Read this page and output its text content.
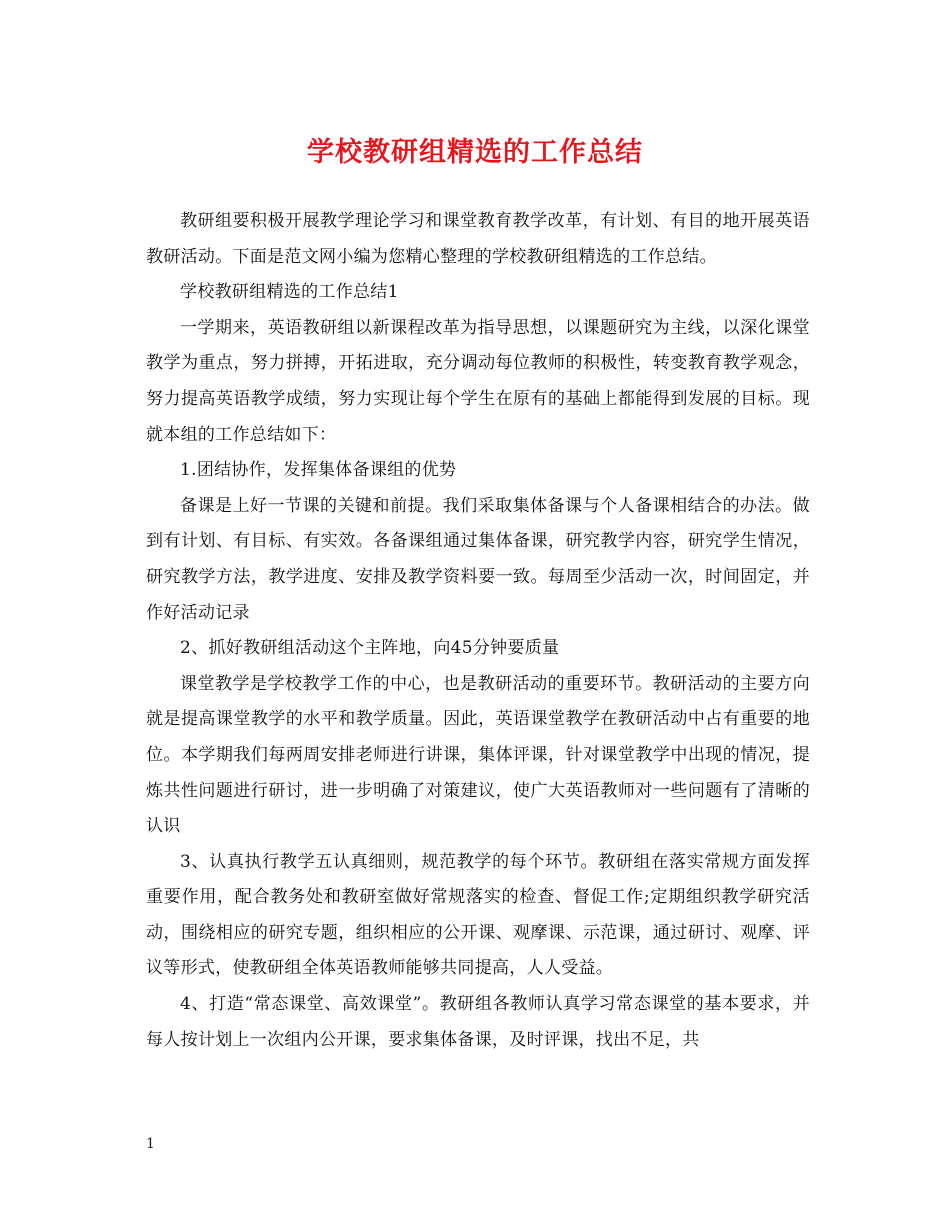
学校教研组精选的工作总结

教研组要积极开展教学理论学习和课堂教育教学改革，有计划、有目的地开展英语教研活动。下面是范文网小编为您精心整理的学校教研组精选的工作总结。

学校教研组精选的工作总结1

一学期来，英语教研组以新课程改革为指导思想，以课题研究为主线，以深化课堂教学为重点，努力拼搏，开拓进取，充分调动每位教师的积极性，转变教育教学观念，努力提高英语教学成绩，努力实现让每个学生在原有的基础上都能得到发展的目标。现就本组的工作总结如下：

1.团结协作，发挥集体备课组的优势

备课是上好一节课的关键和前提。我们采取集体备课与个人备课相结合的办法。做到有计划、有目标、有实效。各备课组通过集体备课，研究教学内容，研究学生情况，研究教学方法，教学进度、安排及教学资料要一致。每周至少活动一次，时间固定，并作好活动记录

2、抓好教研组活动这个主阵地，向45分钟要质量

课堂教学是学校教学工作的中心，也是教研活动的重要环节。教研活动的主要方向就是提高课堂教学的水平和教学质量。因此，英语课堂教学在教研活动中占有重要的地位。本学期我们每两周安排老师进行讲课，集体评课，针对课堂教学中出现的情况，提炼共性问题进行研讨，进一步明确了对策建议，使广大英语教师对一些问题有了清晰的认识

3、认真执行教学五认真细则，规范教学的每个环节。教研组在落实常规方面发挥重要作用，配合教务处和教研室做好常规落实的检查、督促工作;定期组织教学研究活动，围绕相应的研究专题，组织相应的公开课、观摩课、示范课，通过研讨、观摩、评议等形式，使教研组全体英语教师能够共同提高，人人受益。

4、打造“常态课堂、高效课堂”。教研组各教师认真学习常态课堂的基本要求，并每人按计划上一次组内公开课，要求集体备课，及时评课，找出不足，共

1
